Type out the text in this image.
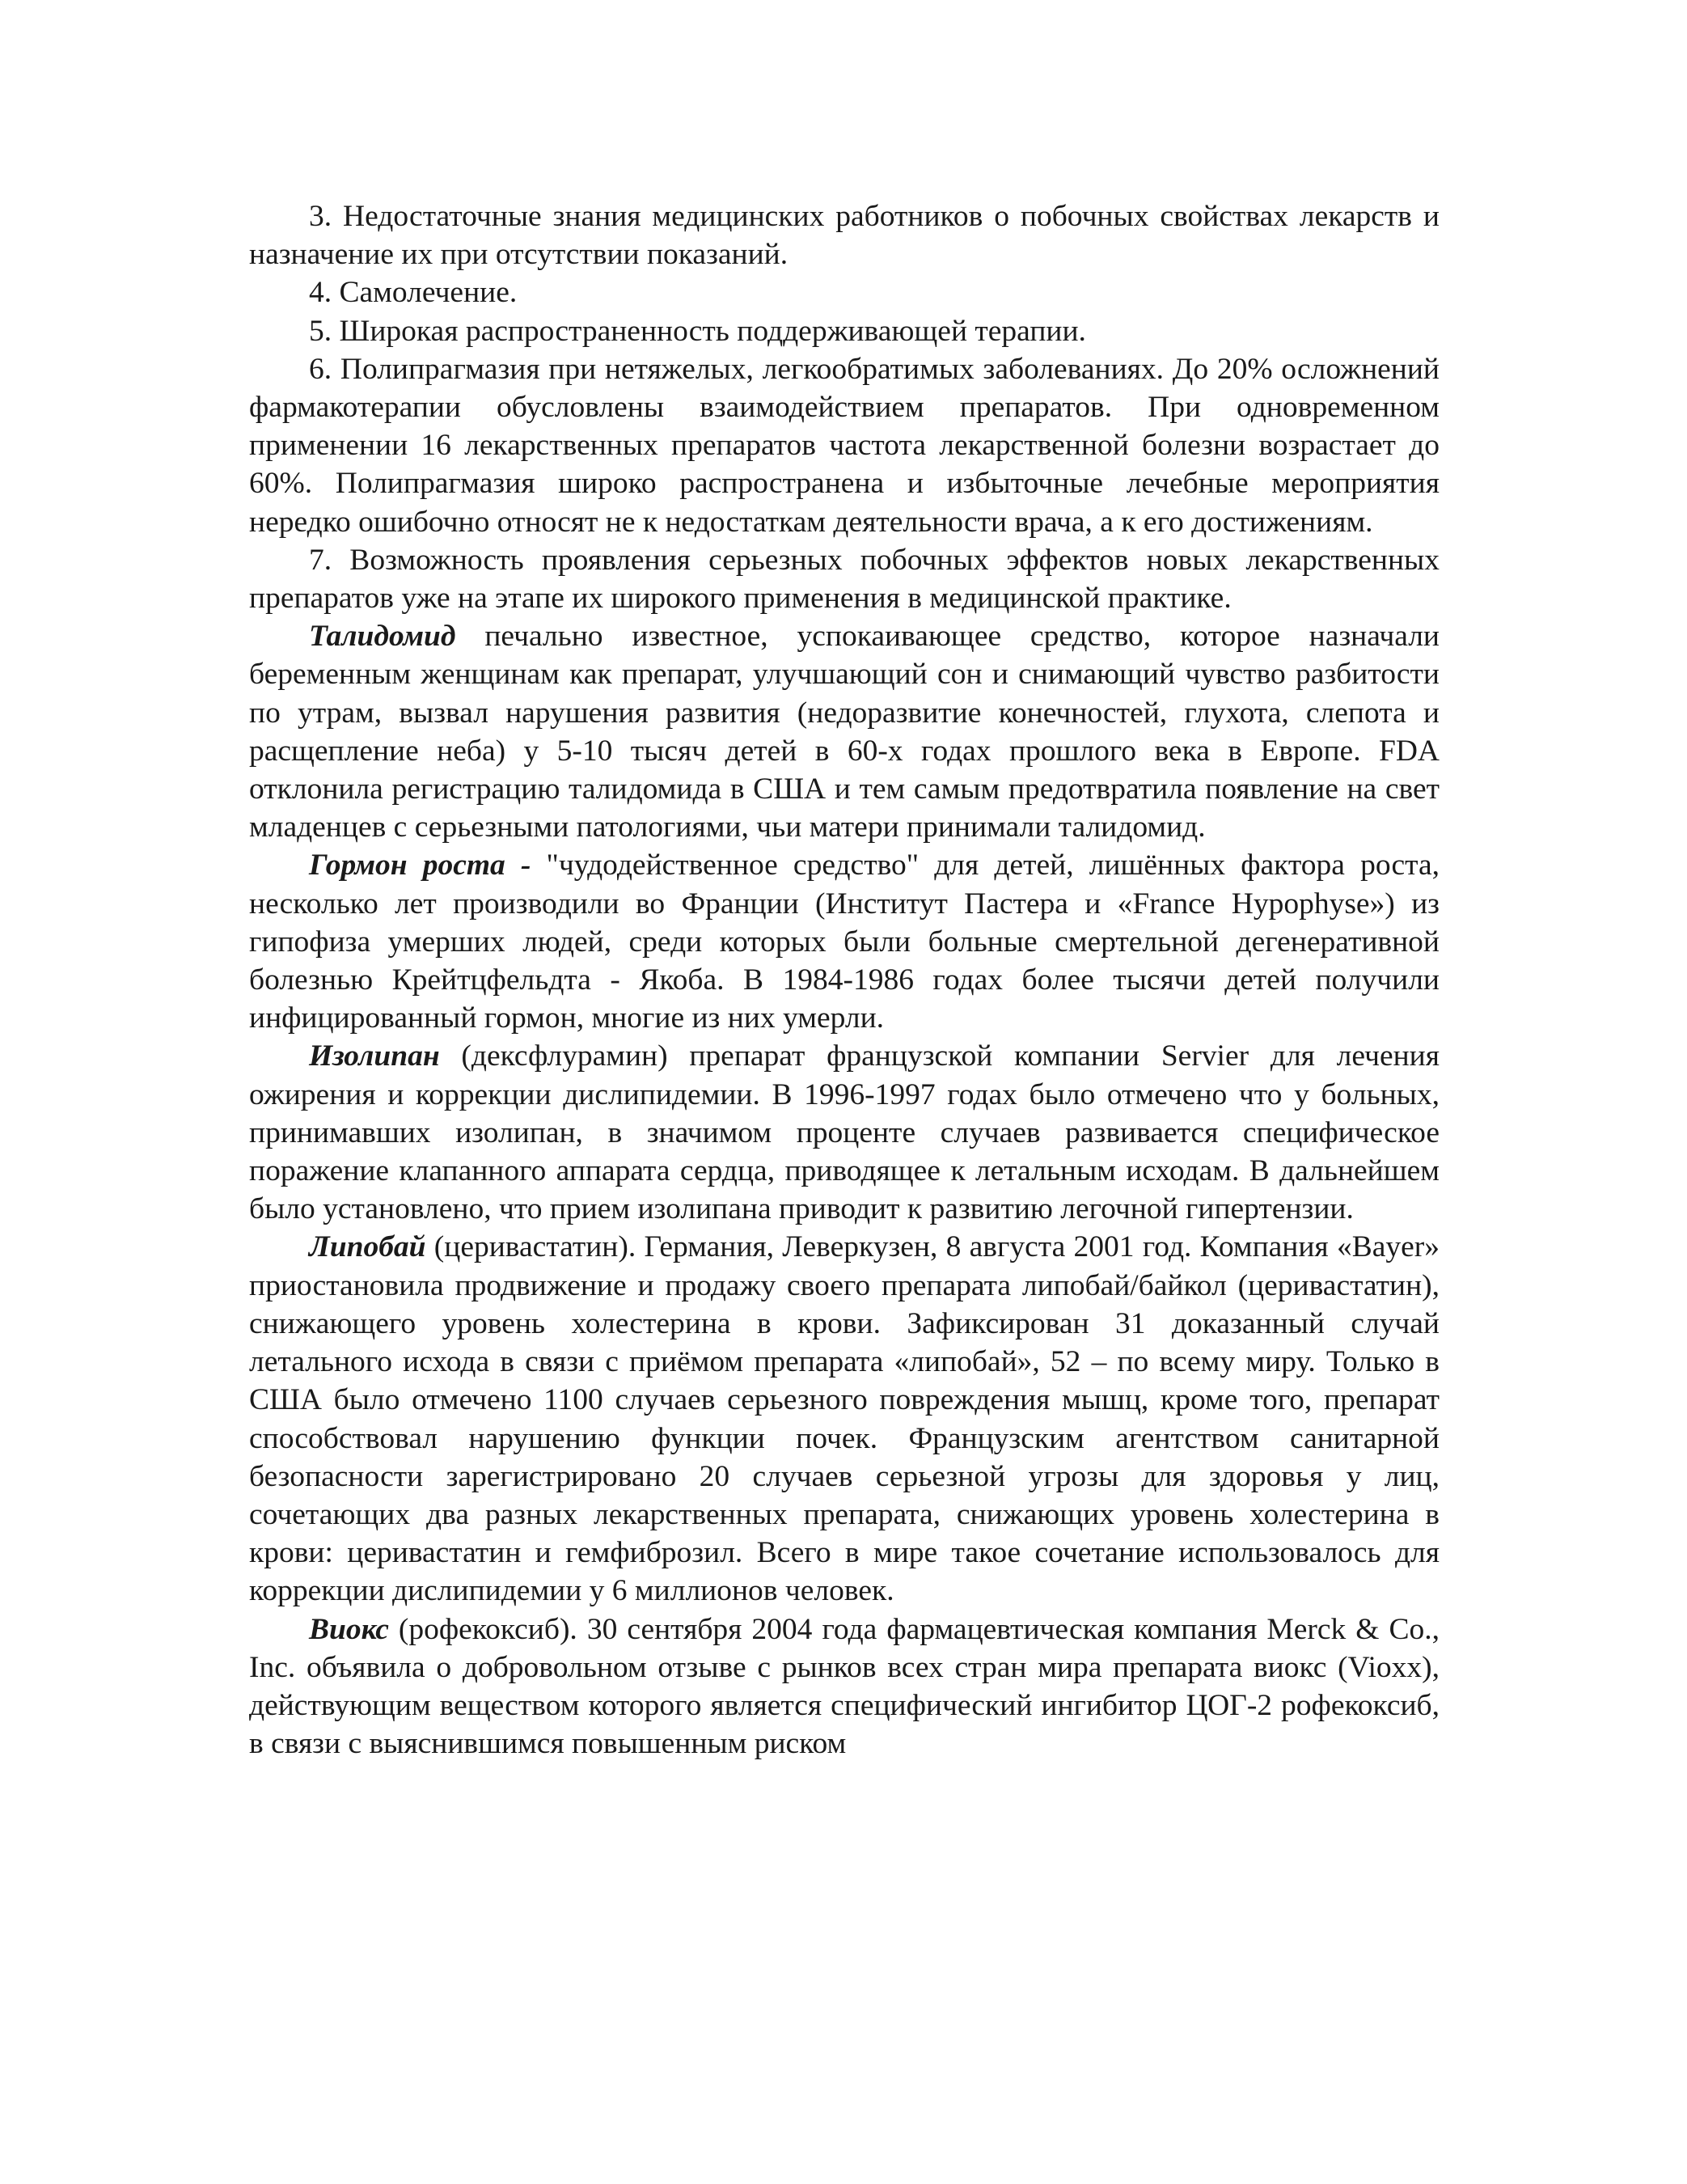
3. Недостаточные знания медицинских работников о побочных свойствах лекарств и назначение их при отсутствии показаний.

4. Самолечение.

5. Широкая распространенность поддерживающей терапии.

6. Полипрагмазия при нетяжелых, легкообратимых заболеваниях. До 20% осложнений фармакотерапии обусловлены взаимодействием препаратов. При одновременном применении 16 лекарственных препаратов частота лекарственной болезни возрастает до 60%. Полипрагмазия широко распространена и избыточные лечебные мероприятия нередко ошибочно относят не к недостаткам деятельности врача, а к его достижениям.

7. Возможность проявления серьезных побочных эффектов новых лекарственных препаратов уже на этапе их широкого применения в медицинской практике.

Талидомид печально известное, успокаивающее средство, которое назначали беременным женщинам как препарат, улучшающий сон и снимающий чувство разбитости по утрам, вызвал нарушения развития (недоразвитие конечностей, глухота, слепота и расщепление неба) у 5-10 тысяч детей в 60-х годах прошлого века в Европе. FDA отклонила регистрацию талидомида в США и тем самым предотвратила появление на свет младенцев с серьезными патологиями, чьи матери принимали талидомид.

Гормон роста - "чудодейственное средство" для детей, лишённых фактора роста, несколько лет производили во Франции (Институт Пастера и «France Hypophyse») из гипофиза умерших людей, среди которых были больные смертельной дегенеративной болезнью Крейтцфельдта - Якоба. В 1984-1986 годах более тысячи детей получили инфицированный гормон, многие из них умерли.

Изолипан (дексфлурамин) препарат французской компании Servier для лечения ожирения и коррекции дислипидемии. В 1996-1997 годах было отмечено что у больных, принимавших изолипан, в значимом проценте случаев развивается специфическое поражение клапанного аппарата сердца, приводящее к летальным исходам. В дальнейшем было установлено, что прием изолипана приводит к развитию легочной гипертензии.

Липобай (церивастатин). Германия, Леверкузен, 8 августа 2001 год. Компания «Bayer» приостановила продвижение и продажу своего препарата липобай/байкол (церивастатин), снижающего уровень холестерина в крови. Зафиксирован 31 доказанный случай летального исхода в связи с приёмом препарата «липобай», 52 – по всему миру. Только в США было отмечено 1100 случаев серьезного повреждения мышц, кроме того, препарат способствовал нарушению функции почек. Французским агентством санитарной безопасности зарегистрировано 20 случаев серьезной угрозы для здоровья у лиц, сочетающих два разных лекарственных препарата, снижающих уровень холестерина в крови: церивастатин и гемфиброзил. Всего в мире такое сочетание использовалось для коррекции дислипидемии у 6 миллионов человек.

Виокс (рофекоксиб). 30 сентября 2004 года фармацевтическая компания Merck & Co., Inc. объявила о добровольном отзыве с рынков всех стран мира препарата виокс (Vioxx), действующим веществом которого является специфический ингибитор ЦОГ-2 рофекоксиб, в связи с выяснившимся повышенным риском
